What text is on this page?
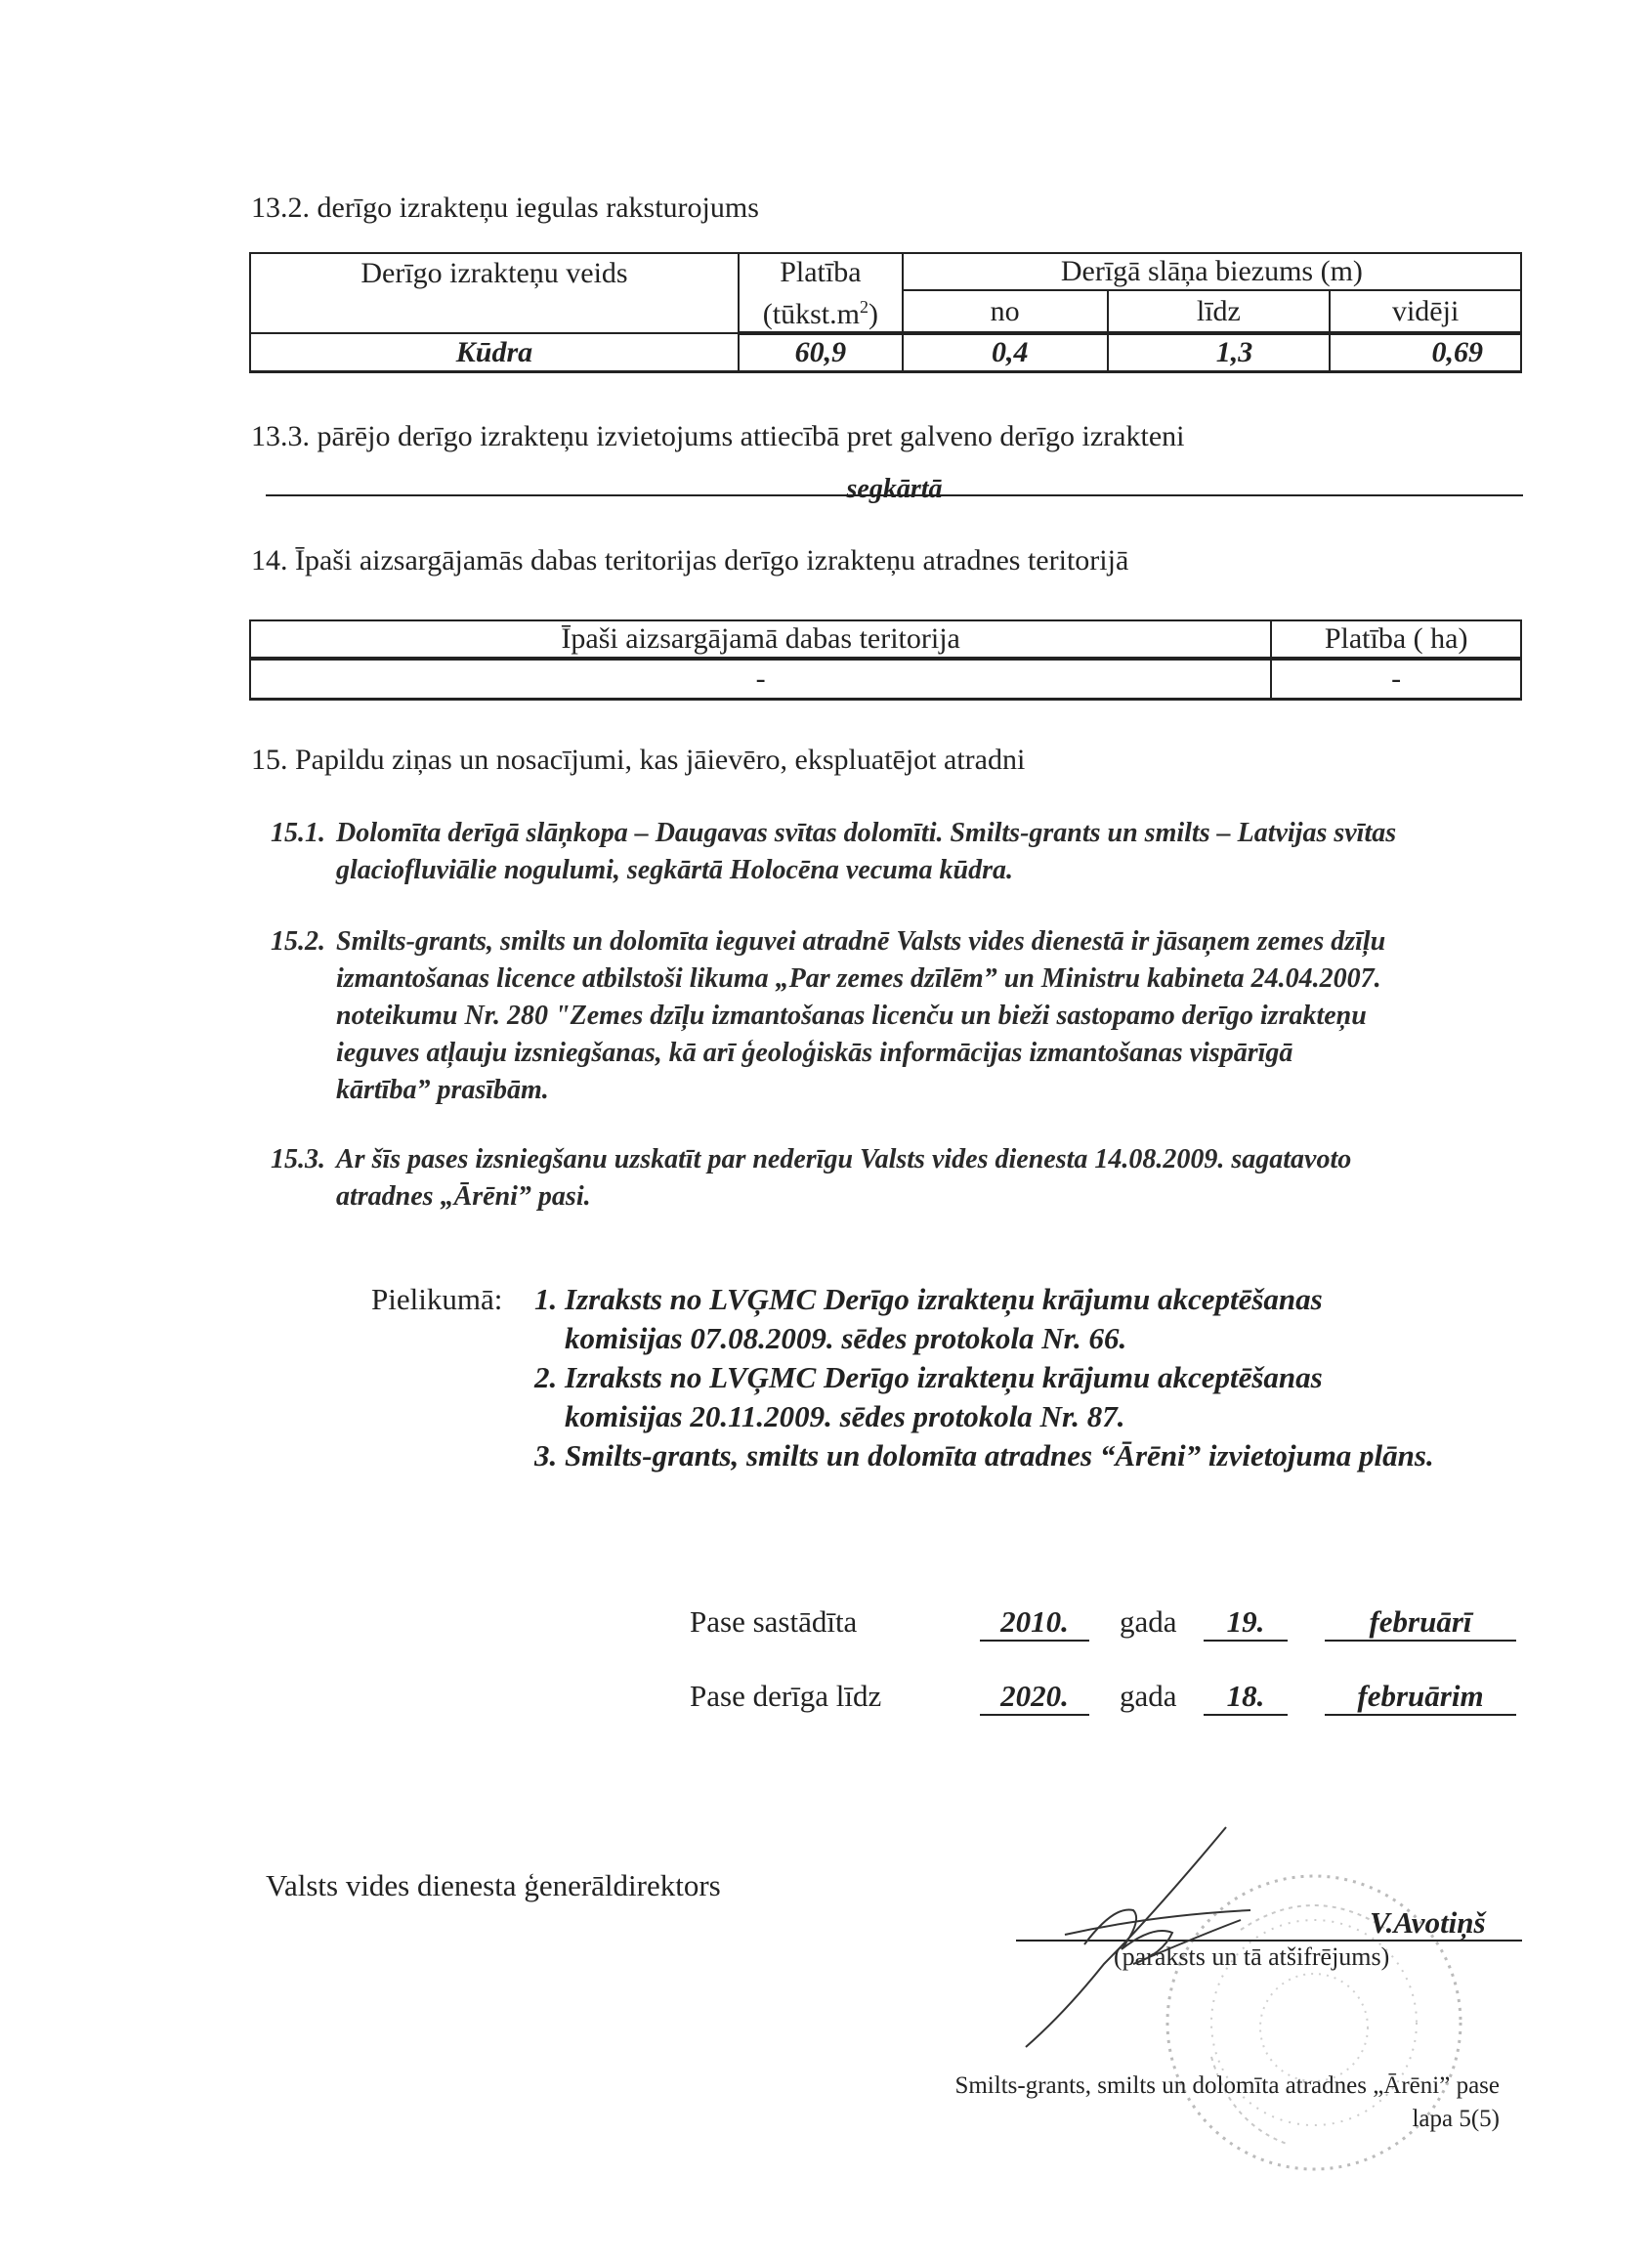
13.2. derīgo izrakteņu iegulas raksturojums
Derīgo izrakteņu veids	Platība	Derīgā slāņa biezums (m)		
	$(tūkst.m^2)$	no	līdz	vidēji
Kūdra	60,9	0,4	1,3	0,69
13.3. pārējo derīgo izrakteņu izvietojums attiecībā pret galveno derīgo izrakteni
segkārtā
14. Īpaši aizsargājamās dabas teritorijas derīgo izrakteņu atradnes teritorijā
Īpaši aizsargājamā dabas teritorija	Platība ( ha)
-	-
15. Papildu ziņas un nosacījumi, kas jāievēro, ekspluatējot atradni
15.1. Dolomīta derīgā slāņkopa – Daugavas svītas dolomīti. Smilts-grants un smilts – Latvijas svītas
glaciofluviālie nogulumi, segkārtā Holocēna vecuma kūdra.
15.2. Smilts-grants, smilts un dolomīta ieguvei atradnē Valsts vides dienestā ir jāsaņem zemes dzīļu
izmantošanas licence atbilstoši likuma „Par zemes dzīlēm” un Ministru kabineta 24.04.2007.
noteikumu Nr. 280 "Zemes dzīļu izmantošanas licenču un bieži sastopamo derīgo izrakteņu
ieguves atļauju izsniegšanas, kā arī ģeoloģiskās informācijas izmantošanas vispārīgā
kārtība” prasībām.
15.3. Ar šīs pases izsniegšanu uzskatīt par nederīgu Valsts vides dienesta 14.08.2009. sagatavoto
atradnes „Ārēni” pasi.
Pielikumā: 1. Izraksts no LVĢMC Derīgo izrakteņu krājumu akceptēšanas
komisijas 07.08.2009. sēdes protokola Nr. 66.
2. Izraksts no LVĢMC Derīgo izrakteņu krājumu akceptēšanas
komisijas 20.11.2009. sēdes protokola Nr. 87.
3. Smilts-grants, smilts un dolomīta atradnes “Ārēni” izvietojuma plāns.
Pase sastādīta	2010.	gada	19.	februārī
Pase derīga līdz	2020.	gada	18.	februārim
Valsts vides dienesta ģenerāldirektors
V.Avotiņš
(paraksts un tā atšifrējums)
Smilts-grants, smilts un dolomīta atradnes „Ārēni” pase
lapa 5(5)
